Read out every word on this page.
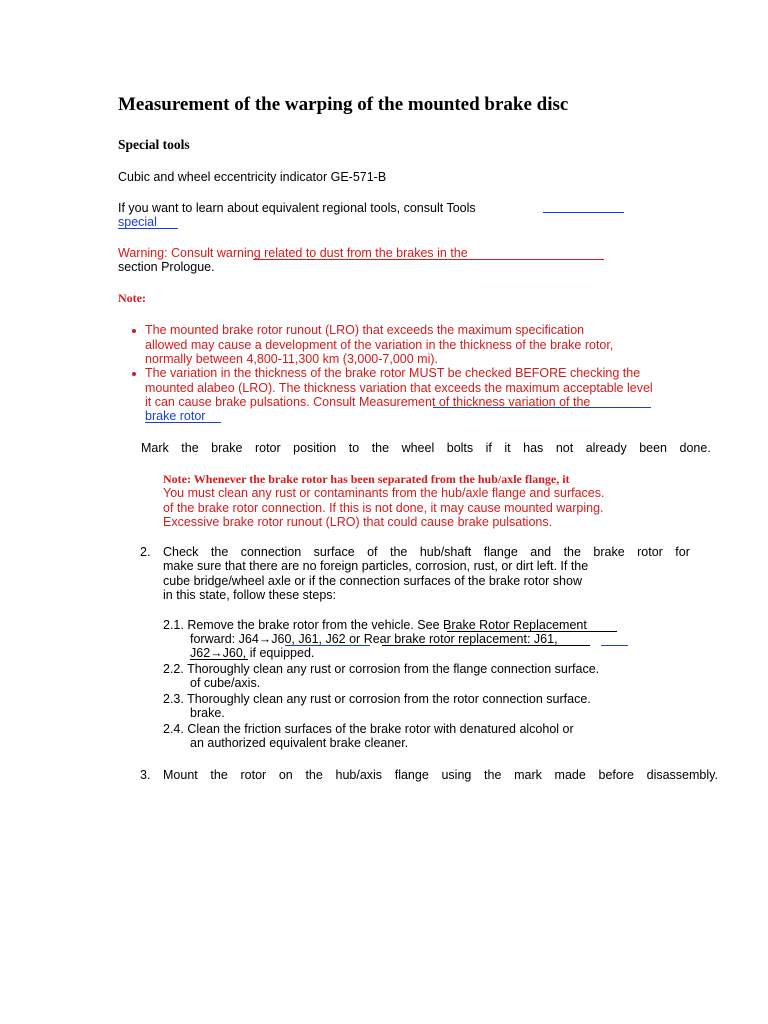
Measurement of the warping of the mounted brake disc
Special tools
Cubic and wheel eccentricity indicator GE-571-B
If you want to learn about equivalent regional tools, consult Tools
special
Warning: Consult warning related to dust from the brakes in the
section Prologue.
Note:
The mounted brake rotor runout (LRO) that exceeds the maximum specification
allowed may cause a development of the variation in the thickness of the brake rotor,
normally between 4,800-11,300 km (3,000-7,000 mi).
The variation in the thickness of the brake rotor MUST be checked BEFORE checking the
mounted alabeo (LRO). The thickness variation that exceeds the maximum acceptable level
it can cause brake pulsations. Consult Measurement of thickness variation of the
brake rotor
Mark the brake rotor position to the wheel bolts if it has not already been done.
Note: Whenever the brake rotor has been separated from the hub/axle flange, it
You must clean any rust or contaminants from the hub/axle flange and surfaces.
of the brake rotor connection. If this is not done, it may cause mounted warping.
Excessive brake rotor runout (LRO) that could cause brake pulsations.
2. Check the connection surface of the hub/shaft flange and the brake rotor for
make sure that there are no foreign particles, corrosion, rust, or dirt left. If the
cube bridge/wheel axle or if the connection surfaces of the brake rotor show
in this state, follow these steps:
2.1. Remove the brake rotor from the vehicle. See Brake Rotor Replacement
forward: J64→J60, J61, J62 or Rear brake rotor replacement: J61,
J62→J60, if equipped.
2.2. Thoroughly clean any rust or corrosion from the flange connection surface.
of cube/axis.
2.3. Thoroughly clean any rust or corrosion from the rotor connection surface.
brake.
2.4. Clean the friction surfaces of the brake rotor with denatured alcohol or
an authorized equivalent brake cleaner.
3. Mount the rotor on the hub/axis flange using the mark made before disassembly.
